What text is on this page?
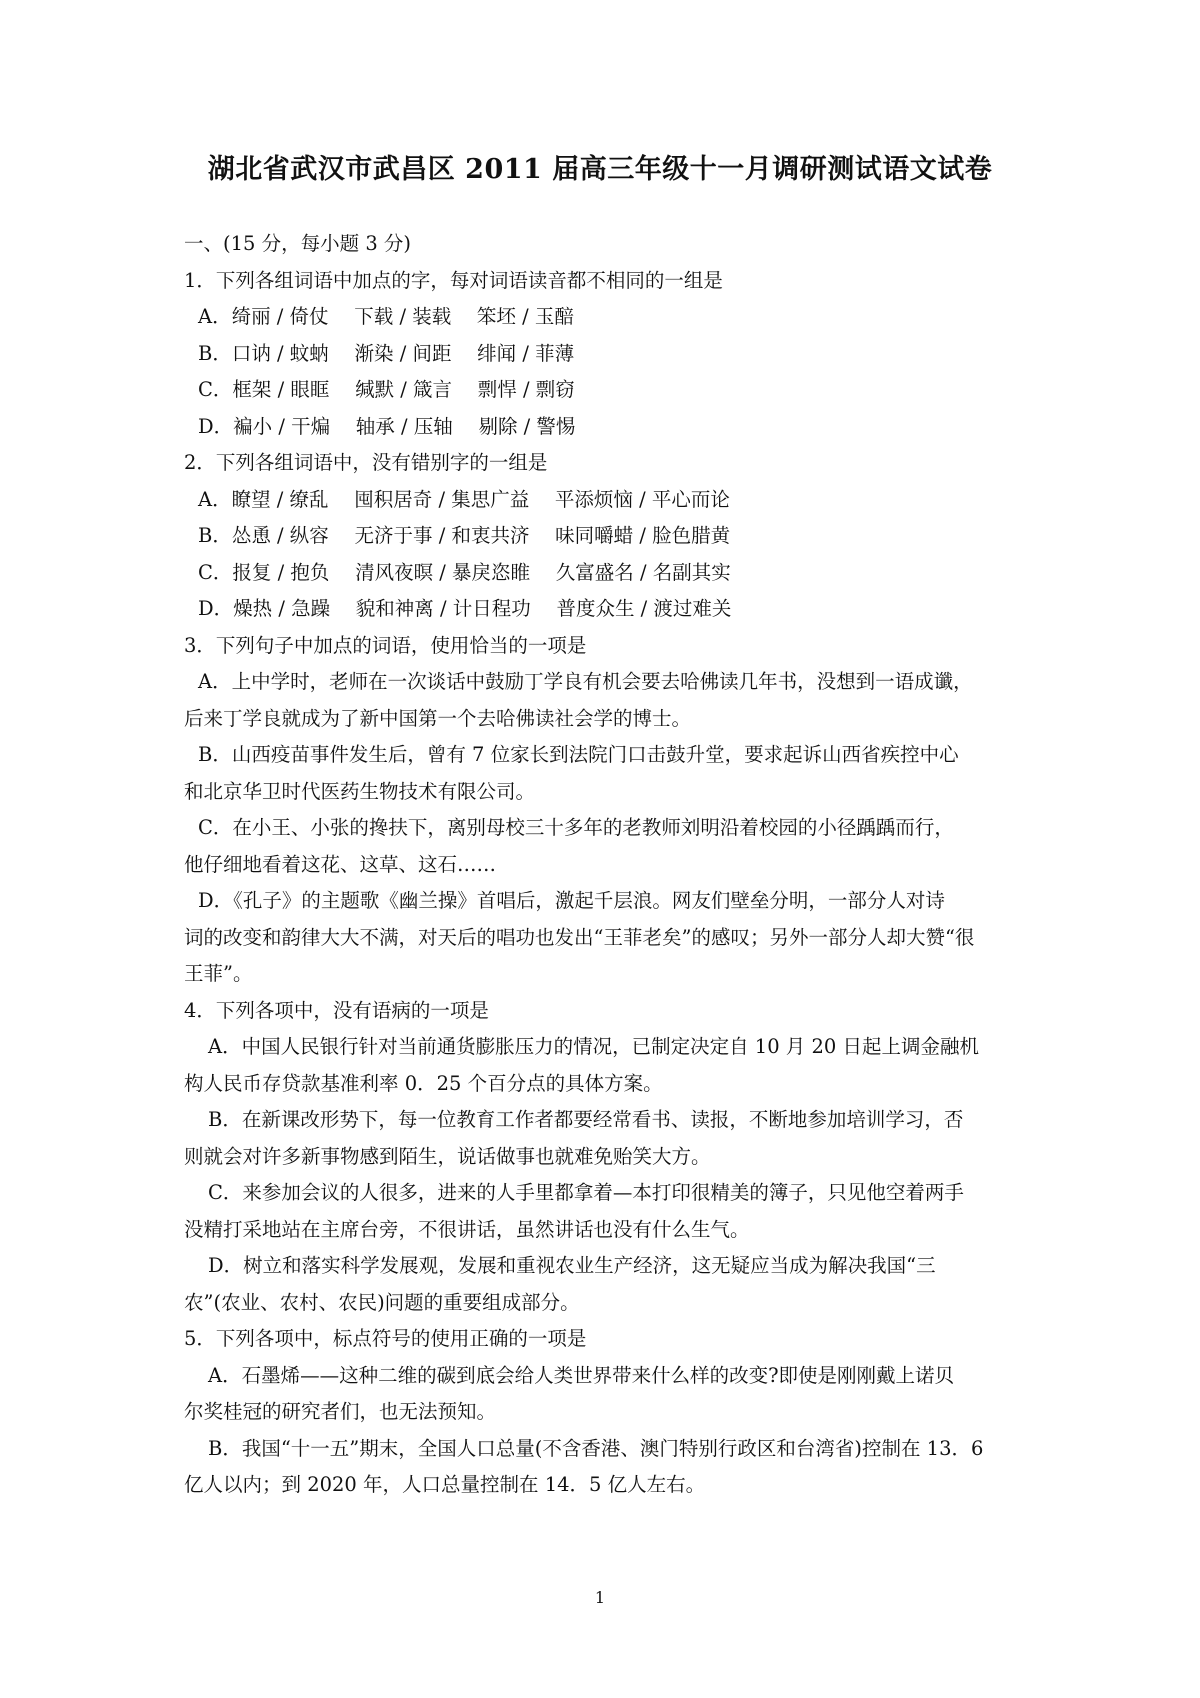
湖北省武汉市武昌区 2011 届高三年级十一月调研测试语文试卷
一、(15 分，每小题 3 分)
1．下列各组词语中加点的字，每对词语读音都不相同的一组是
A．绮丽 / 倚仗　 下载 / 装载　 笨坯 / 玉醅
B．口讷 / 蚊蚋　 渐染 / 间距　 绯闻 / 菲薄
C．框架 / 眼眶　 缄默 / 箴言　 剽悍 / 剽窃
D．褊小 / 干煸　 轴承 / 压轴　 剔除 / 警惕
2．下列各组词语中，没有错别字的一组是
A．瞭望 / 缭乱　 囤积居奇 / 集思广益　 平添烦恼 / 平心而论
B．怂恿 / 纵容　 无济于事 / 和衷共济　 味同嚼蜡 / 脸色腊黄
C．报复 / 抱负　 清风夜暝 / 暴戾恣睢　 久富盛名 / 名副其实
D．燥热 / 急躁　 貌和神离 / 计日程功　 普度众生 / 渡过难关
3．下列句子中加点的词语，使用恰当的一项是
A．上中学时，老师在一次谈话中鼓励丁学良有机会要去哈佛读几年书，没想到一语成谶，
后来丁学良就成为了新中国第一个去哈佛读社会学的博士。
B．山西疫苗事件发生后，曾有 7 位家长到法院门口击鼓升堂，要求起诉山西省疾控中心
和北京华卫时代医药生物技术有限公司。
C．在小王、小张的搀扶下，离别母校三十多年的老教师刘明沿着校园的小径踽踽而行，
他仔细地看着这花、这草、这石……
D．《孔子》的主题歌《幽兰操》首唱后，激起千层浪。网友们壁垒分明，一部分人对诗
词的改变和韵律大大不满，对天后的唱功也发出“王菲老矣”的感叹；另外一部分人却大赞“很
王菲”。
4．下列各项中，没有语病的一项是
A．中国人民银行针对当前通货膨胀压力的情况，已制定决定自 10 月 20 日起上调金融机
构人民币存贷款基准利率 0．25 个百分点的具体方案。
B．在新课改形势下，每一位教育工作者都要经常看书、读报，不断地参加培训学习，否
则就会对许多新事物感到陌生，说话做事也就难免贻笑大方。
C．来参加会议的人很多，进来的人手里都拿着—本打印很精美的簿子，只见他空着两手
没精打采地站在主席台旁，不很讲话，虽然讲话也没有什么生气。
D．树立和落实科学发展观，发展和重视农业生产经济，这无疑应当成为解决我国“三
农”(农业、农村、农民)问题的重要组成部分。
5．下列各项中，标点符号的使用正确的一项是
A．石墨烯——这种二维的碳到底会给人类世界带来什么样的改变?即使是刚刚戴上诺贝
尔奖桂冠的研究者们，也无法预知。
B．我国“十一五”期末，全国人口总量(不含香港、澳门特别行政区和台湾省)控制在 13．6
亿人以内；到 2020 年，人口总量控制在 14．5 亿人左右。
1
